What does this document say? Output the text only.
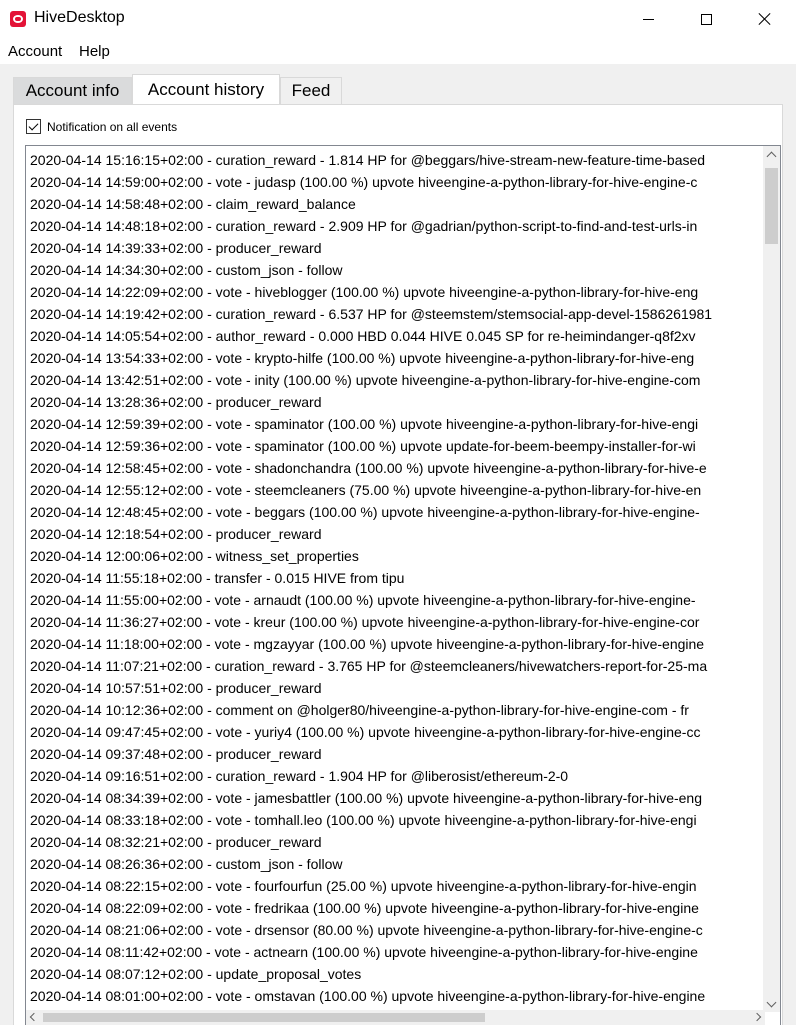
HiveDesktop
Account Help
Account info	Account history	Feed
Notification on all events
2020-04-14 15:16:15+02:00 - curation_reward - 1.814 HP for @beggars/hive-stream-new-feature-time-based
2020-04-14 14:59:00+02:00 - vote - judasp (100.00 %) upvote hiveengine-a-python-library-for-hive-engine-c
2020-04-14 14:58:48+02:00 - claim_reward_balance
2020-04-14 14:48:18+02:00 - curation_reward - 2.909 HP for @gadrian/python-script-to-find-and-test-urls-in
2020-04-14 14:39:33+02:00 - producer_reward
2020-04-14 14:34:30+02:00 - custom_json - follow
2020-04-14 14:22:09+02:00 - vote - hiveblogger (100.00 %) upvote hiveengine-a-python-library-for-hive-eng
2020-04-14 14:19:42+02:00 - curation_reward - 6.537 HP for @steemstem/stemsocial-app-devel-1586261981
2020-04-14 14:05:54+02:00 - author_reward - 0.000 HBD 0.044 HIVE 0.045 SP for re-heimindanger-q8f2xv
2020-04-14 13:54:33+02:00 - vote - krypto-hilfe (100.00 %) upvote hiveengine-a-python-library-for-hive-eng
2020-04-14 13:42:51+02:00 - vote - inity (100.00 %) upvote hiveengine-a-python-library-for-hive-engine-com
2020-04-14 13:28:36+02:00 - producer_reward
2020-04-14 12:59:39+02:00 - vote - spaminator (100.00 %) upvote hiveengine-a-python-library-for-hive-engi
2020-04-14 12:59:36+02:00 - vote - spaminator (100.00 %) upvote update-for-beem-beempy-installer-for-wi
2020-04-14 12:58:45+02:00 - vote - shadonchandra (100.00 %) upvote hiveengine-a-python-library-for-hive-e
2020-04-14 12:55:12+02:00 - vote - steemcleaners (75.00 %) upvote hiveengine-a-python-library-for-hive-en
2020-04-14 12:48:45+02:00 - vote - beggars (100.00 %) upvote hiveengine-a-python-library-for-hive-engine-
2020-04-14 12:18:54+02:00 - producer_reward
2020-04-14 12:00:06+02:00 - witness_set_properties
2020-04-14 11:55:18+02:00 - transfer - 0.015 HIVE from tipu
2020-04-14 11:55:00+02:00 - vote - arnaudt (100.00 %) upvote hiveengine-a-python-library-for-hive-engine-
2020-04-14 11:36:27+02:00 - vote - kreur (100.00 %) upvote hiveengine-a-python-library-for-hive-engine-cor
2020-04-14 11:18:00+02:00 - vote - mgzayyar (100.00 %) upvote hiveengine-a-python-library-for-hive-engine
2020-04-14 11:07:21+02:00 - curation_reward - 3.765 HP for @steemcleaners/hivewatchers-report-for-25-ma
2020-04-14 10:57:51+02:00 - producer_reward
2020-04-14 10:12:36+02:00 - comment on @holger80/hiveengine-a-python-library-for-hive-engine-com - fr
2020-04-14 09:47:45+02:00 - vote - yuriy4 (100.00 %) upvote hiveengine-a-python-library-for-hive-engine-cc
2020-04-14 09:37:48+02:00 - producer_reward
2020-04-14 09:16:51+02:00 - curation_reward - 1.904 HP for @liberosist/ethereum-2-0
2020-04-14 08:34:39+02:00 - vote - jamesbattler (100.00 %) upvote hiveengine-a-python-library-for-hive-eng
2020-04-14 08:33:18+02:00 - vote - tomhall.leo (100.00 %) upvote hiveengine-a-python-library-for-hive-engi
2020-04-14 08:32:21+02:00 - producer_reward
2020-04-14 08:26:36+02:00 - custom_json - follow
2020-04-14 08:22:15+02:00 - vote - fourfourfun (25.00 %) upvote hiveengine-a-python-library-for-hive-engin
2020-04-14 08:22:09+02:00 - vote - fredrikaa (100.00 %) upvote hiveengine-a-python-library-for-hive-engine
2020-04-14 08:21:06+02:00 - vote - drsensor (80.00 %) upvote hiveengine-a-python-library-for-hive-engine-c
2020-04-14 08:11:42+02:00 - vote - actnearn (100.00 %) upvote hiveengine-a-python-library-for-hive-engine
2020-04-14 08:07:12+02:00 - update_proposal_votes
2020-04-14 08:01:00+02:00 - vote - omstavan (100.00 %) upvote hiveengine-a-python-library-for-hive-engine
